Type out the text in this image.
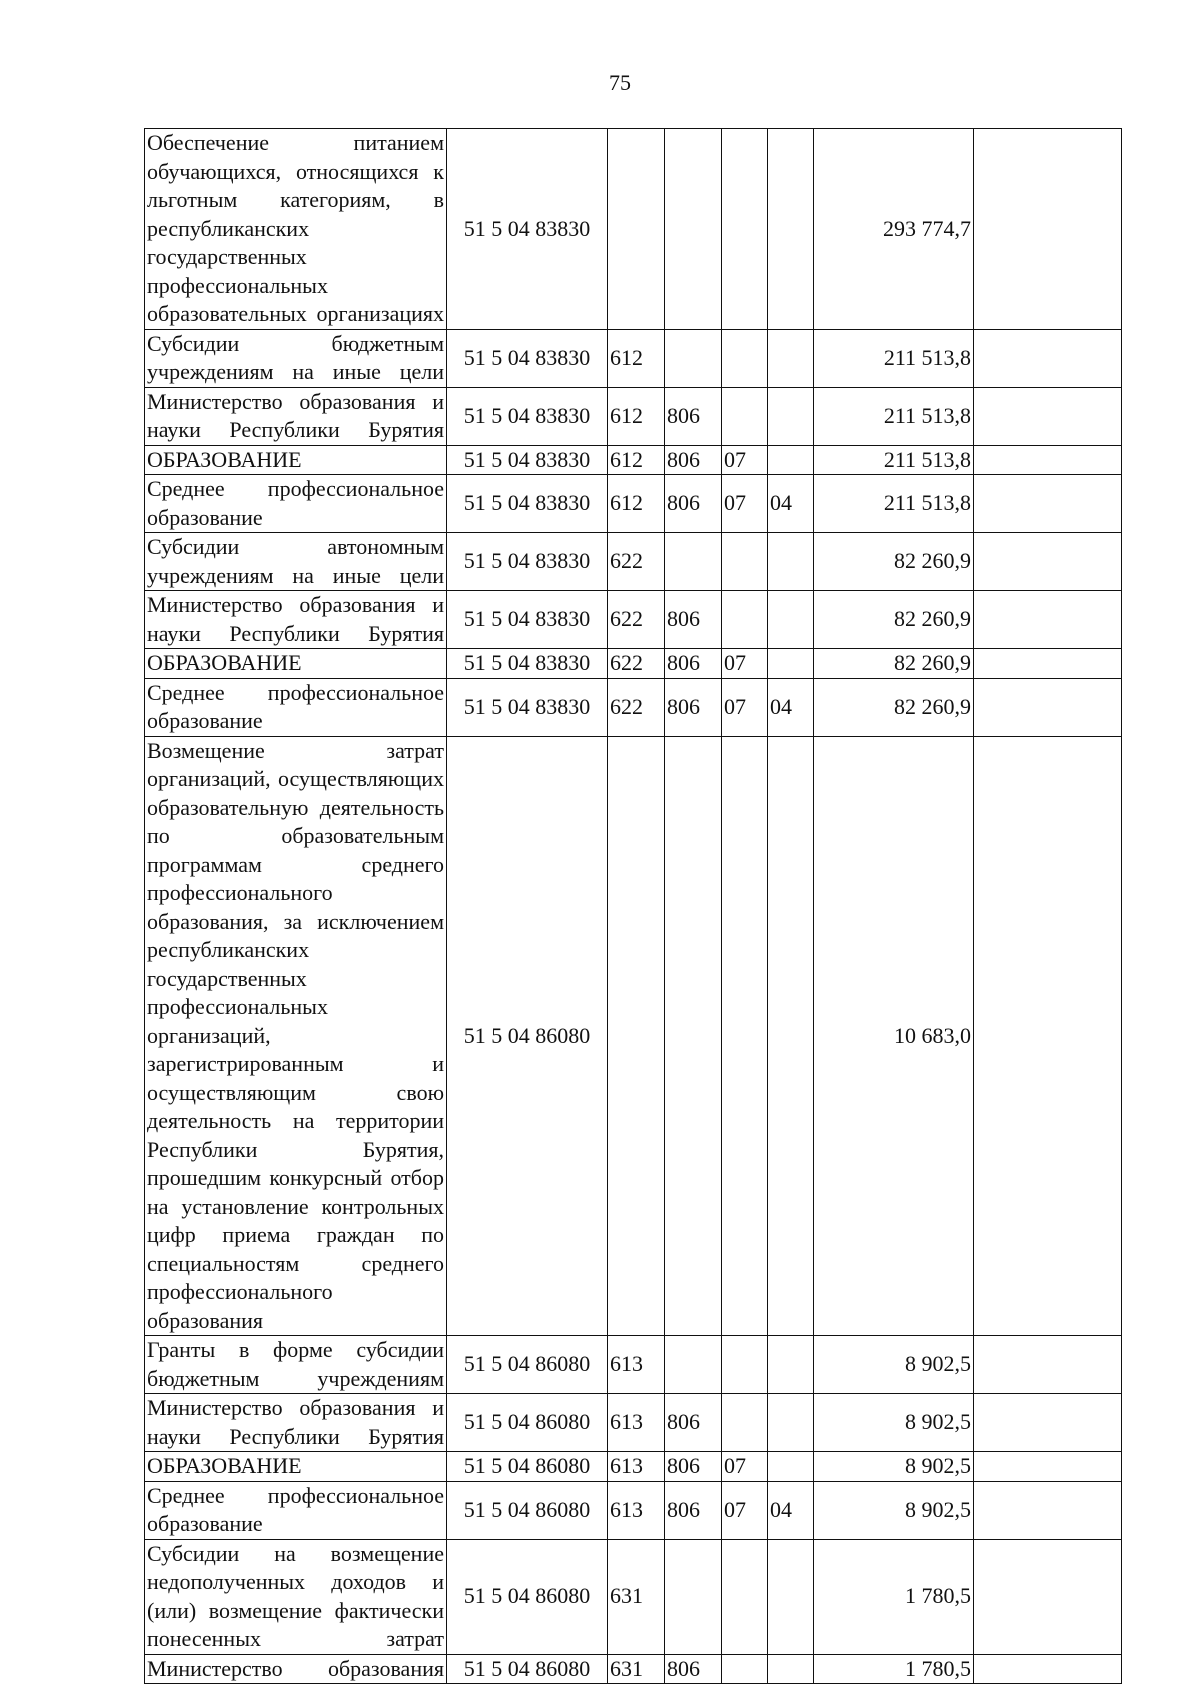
75
Обеспечение питанием обучающихся, относящихся к льготным категориям, в республиканских государственных профессиональных образовательных организациях	51 5 04 83830					293 774,7	
Субсидии бюджетным учреждениям на иные цели	51 5 04 83830	612				211 513,8	
Министерство образования и науки Республики Бурятия	51 5 04 83830	612	806			211 513,8	
ОБРАЗОВАНИЕ	51 5 04 83830	612	806	07		211 513,8	
Среднее профессиональное образование	51 5 04 83830	612	806	07	04	211 513,8	
Субсидии автономным учреждениям на иные цели	51 5 04 83830	622				82 260,9	
Министерство образования и науки Республики Бурятия	51 5 04 83830	622	806			82 260,9	
ОБРАЗОВАНИЕ	51 5 04 83830	622	806	07		82 260,9	
Среднее профессиональное образование	51 5 04 83830	622	806	07	04	82 260,9	
Возмещение затрат организаций, осуществляющих образовательную деятельность по образовательным программам среднего профессионального образования, за исключением республиканских государственных профессиональных организаций, зарегистрированным и осуществляющим свою деятельность на территории Республики Бурятия, прошедшим конкурсный отбор на установление контрольных цифр приема граждан по специальностям среднего профессионального образования	51 5 04 86080					10 683,0	
Гранты в форме субсидии бюджетным учреждениям	51 5 04 86080	613				8 902,5	
Министерство образования и науки Республики Бурятия	51 5 04 86080	613	806			8 902,5	
ОБРАЗОВАНИЕ	51 5 04 86080	613	806	07		8 902,5	
Среднее профессиональное образование	51 5 04 86080	613	806	07	04	8 902,5	
Субсидии на возмещение недополученных доходов и (или) возмещение фактически понесенных затрат	51 5 04 86080	631				1 780,5	
Министерство образования	51 5 04 86080	631	806			1 780,5	
